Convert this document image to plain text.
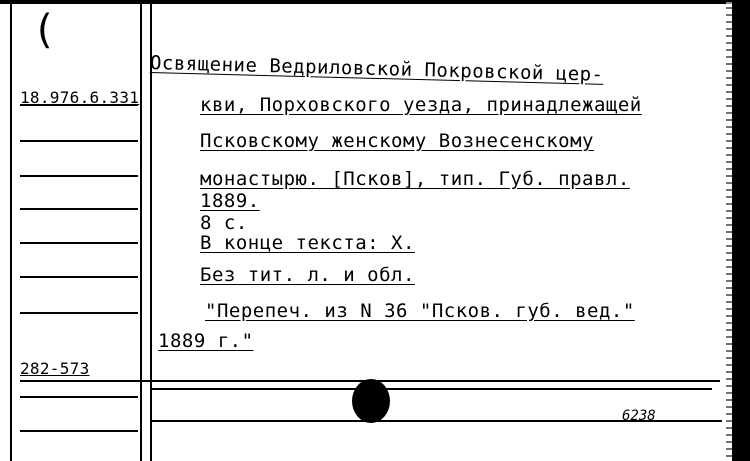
(
18.976.6.331
282-573
Освящение Ведриловской Покровской цер-
кви, Порховского уезда, принадлежащей
Псковскому женскому Вознесенскому
монастырю. [Псков], тип. Губ. правл.
1889.
8 с.
В конце текста: Х.
Без тит. л. и обл.
"Перепеч. из N 36 "Псков. губ. вед."
1889 г."
6238
